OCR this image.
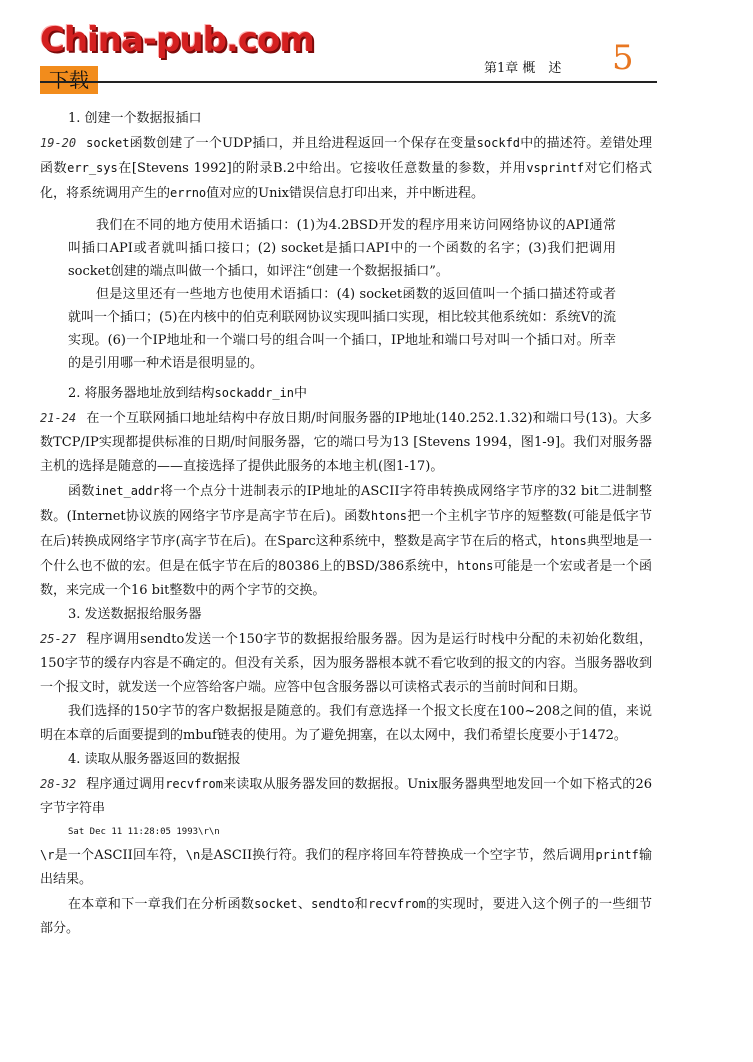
China-pub.com
下载	第1章 概　述 5

1. 创建一个数据报插口

19-20 socket函数创建了一个UDP插口，并且给进程返回一个保存在变量sockfd中的描述符。差错处理函数err_sys在[Stevens 1992]的附录B.2中给出。它接收任意数量的参数，并用vsprintf对它们格式化，将系统调用产生的errno值对应的Unix错误信息打印出来，并中断进程。

我们在不同的地方使用术语插口：(1)为4.2BSD开发的程序用来访问网络协议的API通常叫插口API或者就叫插口接口；(2) socket是插口API中的一个函数的名字；(3)我们把调用socket创建的端点叫做一个插口，如评注“创建一个数据报插口”。

但是这里还有一些地方也使用术语插口：(4) socket函数的返回值叫一个插口描述符或者就叫一个插口；(5)在内核中的伯克利联网协议实现叫插口实现，相比较其他系统如：系统V的流实现。(6)一个IP地址和一个端口号的组合叫一个插口，IP地址和端口号对叫一个插口对。所幸的是引用哪一种术语是很明显的。

2. 将服务器地址放到结构sockaddr_in中

21-24 在一个互联网插口地址结构中存放日期/时间服务器的IP地址(140.252.1.32)和端口号(13)。大多数TCP/IP实现都提供标准的日期/时间服务器，它的端口号为13 [Stevens 1994，图1-9]。我们对服务器主机的选择是随意的——直接选择了提供此服务的本地主机(图1-17)。

函数inet_addr将一个点分十进制表示的IP地址的ASCII字符串转换成网络字节序的32 bit二进制整数。(Internet协议族的网络字节序是高字节在后)。函数htons把一个主机字节序的短整数(可能是低字节在后)转换成网络字节序(高字节在后)。在Sparc这种系统中，整数是高字节在后的格式，htons典型地是一个什么也不做的宏。但是在低字节在后的80386上的BSD/386系统中，htons可能是一个宏或者是一个函数，来完成一个16 bit整数中的两个字节的交换。

3. 发送数据报给服务器

25-27 程序调用sendto发送一个150字节的数据报给服务器。因为是运行时栈中分配的未初始化数组，150字节的缓存内容是不确定的。但没有关系，因为服务器根本就不看它收到的报文的内容。当服务器收到一个报文时，就发送一个应答给客户端。应答中包含服务器以可读格式表示的当前时间和日期。

我们选择的150字节的客户数据报是随意的。我们有意选择一个报文长度在100~208之间的值，来说明在本章的后面要提到的mbuf链表的使用。为了避免拥塞，在以太网中，我们希望长度要小于1472。

4. 读取从服务器返回的数据报

28-32 程序通过调用recvfrom来读取从服务器发回的数据报。Unix服务器典型地发回一个如下格式的26字节字符串

Sat Dec 11 11:28:05 1993\r\n

\r是一个ASCII回车符，\n是ASCII换行符。我们的程序将回车符替换成一个空字节，然后调用printf输出结果。

在本章和下一章我们在分析函数socket、sendto和recvfrom的实现时，要进入这个例子的一些细节部分。
